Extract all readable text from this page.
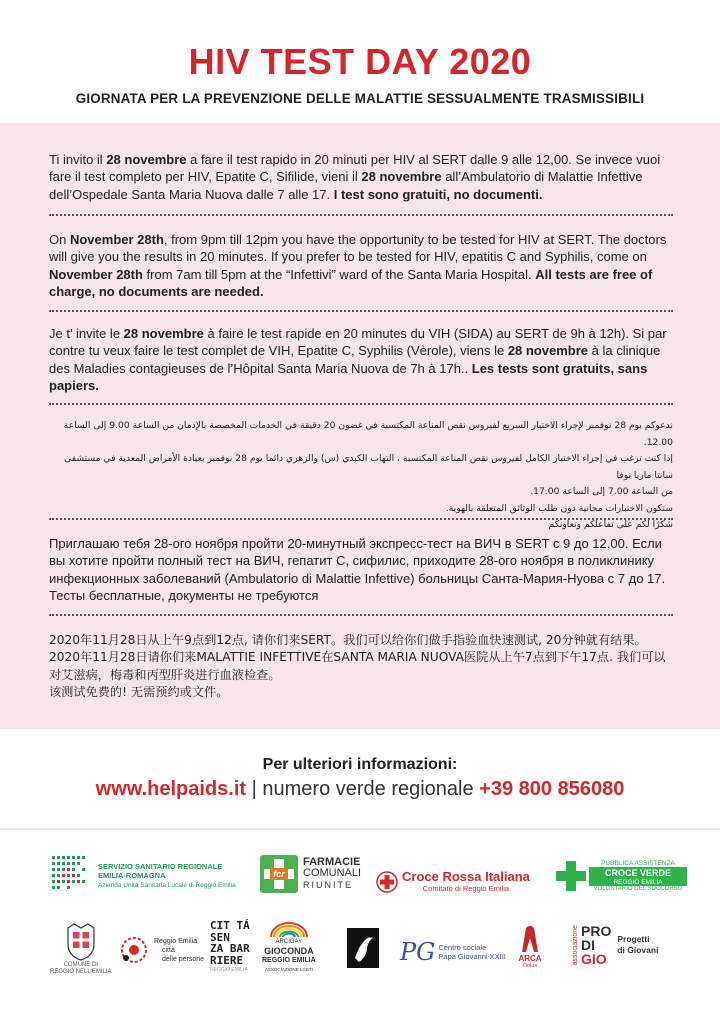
HIV TEST DAY 2020
GIORNATA PER LA PREVENZIONE DELLE MALATTIE SESSUALMENTE TRASMISSIBILI
Ti invito il 28 novembre a fare il test rapido in 20 minuti per HIV al SERT dalle 9 alle 12,00. Se invece vuoi fare il test completo per HIV, Epatite C, Sifilide, vieni il 28 novembre all’Ambulatorio di Malattie Infettive dell’Ospedale Santa Maria Nuova dalle 7 alle 17. I test sono gratuiti, no documenti.
On November 28th, from 9pm till 12pm you have the opportunity to be tested for HIV at SERT. The doctors will give you the results in 20 minutes. If you prefer to be tested for HIV, epatitis C and Syphilis, come on November 28th from 7am till 5pm at the “Infettivi” ward of the Santa Maria Hospital. All tests are free of charge, no documents are needed.
Je t’ invite le 28 novembre à faire le test rapide en 20 minutes du VIH (SIDA) au SERT de 9h à 12h). Si par contre tu veux faire le test complet de VIH, Epatite C, Syphilis (Vèrole), viens le 28 novembre à la clinique des Maladies contagieuses de l’Hôpital Santa Maria Nuova de 7h à 17h.. Les tests sont gratuits, sans papiers.
ندعوكم يوم 28 نوفمبر لإجراء الاختبار السريع لفيروس نقص المناعة المكتسبة في غضون 20 دقيقة في الخدمات المخصصة بالإدمان من الساعة 9.00 إلى الساعة 12.00.
إذا كنت ترغب في إجراء الاختبار الكامل لفيروس نقص المناعة المكتسبة ، التهاب الكبدي (س) والزهري دائما يوم 28 نوفمبر بعيادة الأمراض المعدية في مستشفى سانتا ماريا نوفا
من الساعة 7.00 إلى الساعة 17.00.
ستكون الاختبارات مجانية دون طلب الوثائق المتعلقة بالهوية.
شكرًا لكم على تفاعلكم وتعاونكم
Приглашаю тебя 28-ого ноября пройти 20-минутный экспресс-тест на ВИЧ в SERT с 9 до 12.00. Если вы хотите пройти полный тест на ВИЧ, гепатит С, сифилис, приходите 28-ого ноября в поликлинику инфекционных заболеваний (Ambulatorio di Malattie Infettive) больницы Санта-Мария-Нуова с 7 до 17. Тесты бесплатные, документы не требуются
2020年11月28日从上午9点到12点, 请你们来SERT。我们可以给你们做手指验血快速测试, 20分钟就有结果。
2020年11月28日请你们来MALATTIE INFETTIVE在SANTA MARIA NUOVA医院从上午7点到下午17点. 我们可以对艾滋病，梅毒和丙型肝炎进行血液检查。
该测试免费的! 无需预约或文件。
Per ulteriori informazioni:
www.helpaids.it | numero verde regionale +39 800 856080
SERVIZIO SANITARIO REGIONALE
EMILIA-ROMAGNA
Azienda Unità Sanitaria Locale di Reggio Emilia
fcr
FARMACIE
COMUNALI
RIUNITE
Croce Rossa Italiana
Comitato di Reggio Emilia
PUBBLICA ASSISTENZA
CROCE VERDE
REGGIO EMILIA
VOLONTARIO DEL SOCCORSO
COMUNE DI
REGGIO NELL'EMILIA
Reggio Emilia
città
delle persone
CIT TÁ
SEN
ZA BAR
RIERE
REGGIO EMILIA
ARCIGAY
GIOCONDA
REGGIO EMILIA
ASSOCIAZIONE LGBTI
PG Centro sociale
Papa Giovanni XXIII ARCA
Onlus
associazione PRO
DI
GIO
Progetti
di Giovani
